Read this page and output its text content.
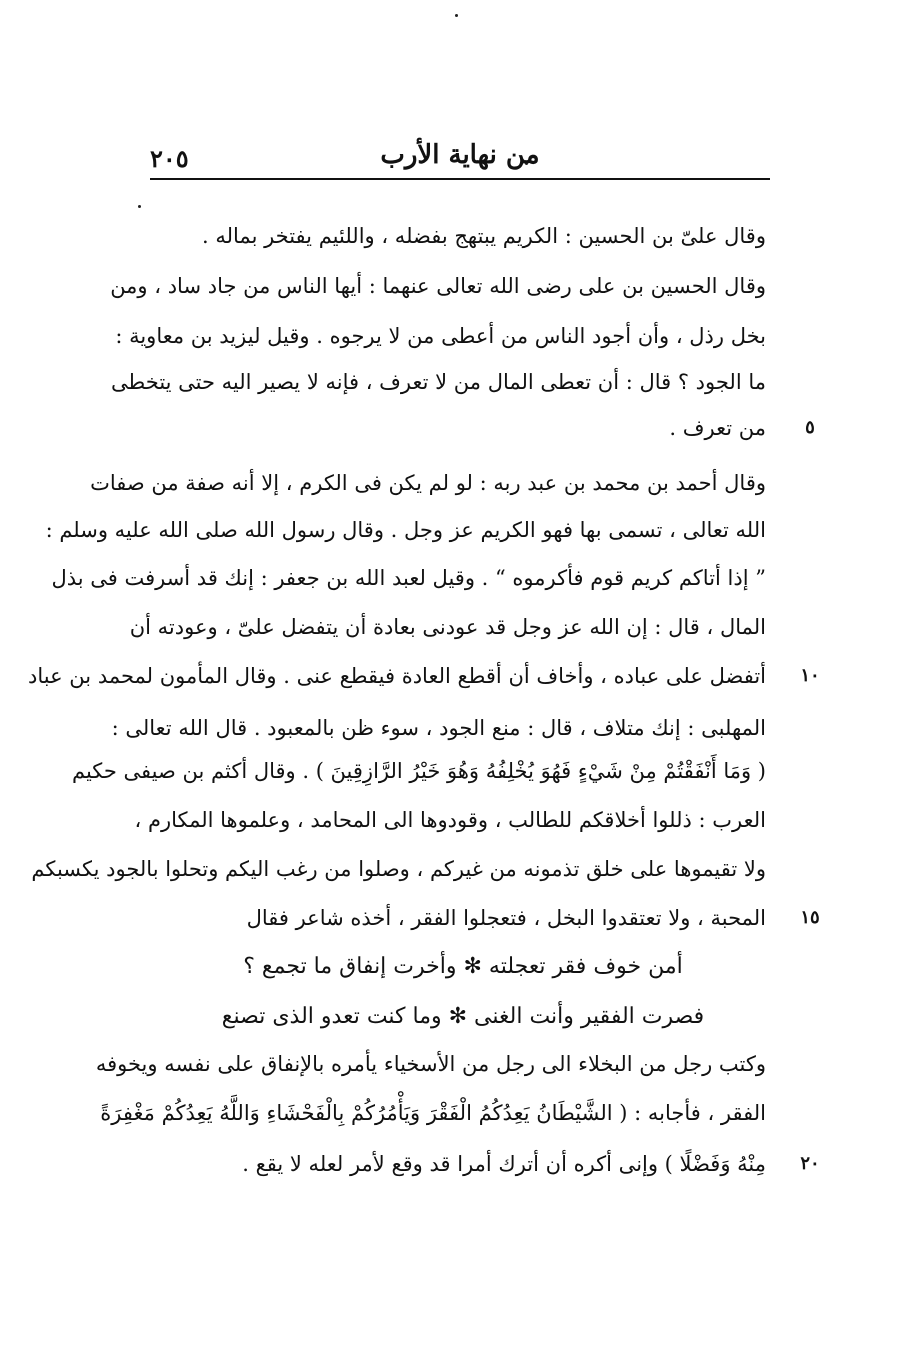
٢٠٥	من نهاية الأرب
وقال علىّ بن الحسين : الكريم يبتهج بفضله ، واللئيم يفتخر بماله .
وقال الحسين بن على رضى الله تعالى عنهما : أيها الناس من جاد ساد ، ومن
بخل رذل ، وأن أجود الناس من أعطى من لا يرجوه . وقيل ليزيد بن معاوية :
ما الجود ؟ قال : أن تعطى المال من لا تعرف ، فإنه لا يصير اليه حتى يتخطى
من تعرف .
وقال أحمد بن محمد بن عبد ربه : لو لم يكن فى الكرم ، إلا أنه صفة من صفات
الله تعالى ، تسمى بها فهو الكريم عز وجل . وقال رسول الله صلى الله عليه وسلم :
” إذا أتاكم كريم قوم فأكرموه “ . وقيل لعبد الله بن جعفر : إنك قد أسرفت فى بذل
المال ، قال : إن الله عز وجل قد عودنى بعادة أن يتفضل علىّ ، وعودته أن
أتفضل على عباده ، وأخاف أن أقطع العادة فيقطع عنى . وقال المأمون لمحمد بن عباد
المهلبى : إنك متلاف ، قال : منع الجود ، سوء ظن بالمعبود . قال الله تعالى :
( وَمَا أَنْفَقْتُمْ مِنْ شَيْءٍ فَهُوَ يُخْلِفُهُ وَهُوَ خَيْرُ الرَّازِقِينَ ) . وقال أكثم بن صيفى حكيم
العرب : ذللوا أخلاقكم للطالب ، وقودوها الى المحامد ، وعلموها المكارم ،
ولا تقيموها على خلق تذمونه من غيركم ، وصلوا من رغب اليكم وتحلوا بالجود يكسبكم
المحبة ، ولا تعتقدوا البخل ، فتعجلوا الفقر ، أخذه شاعر فقال
أمن خوف فقر تعجلته ✻ وأخرت إنفاق ما تجمع ؟
فصرت الفقير وأنت الغنى ✻ وما كنت تعدو الذى تصنع
وكتب رجل من البخلاء الى رجل من الأسخياء يأمره بالإنفاق على نفسه ويخوفه
الفقر ، فأجابه : ( الشَّيْطَانُ يَعِدُكُمُ الْفَقْرَ وَيَأْمُرُكُمْ بِالْفَحْشَاءِ وَاللَّهُ يَعِدُكُمْ مَغْفِرَةً
مِنْهُ وَفَضْلًا ) وإنى أكره أن أترك أمرا قد وقع لأمر لعله لا يقع .
٥
١٠
١٥
٢٠
